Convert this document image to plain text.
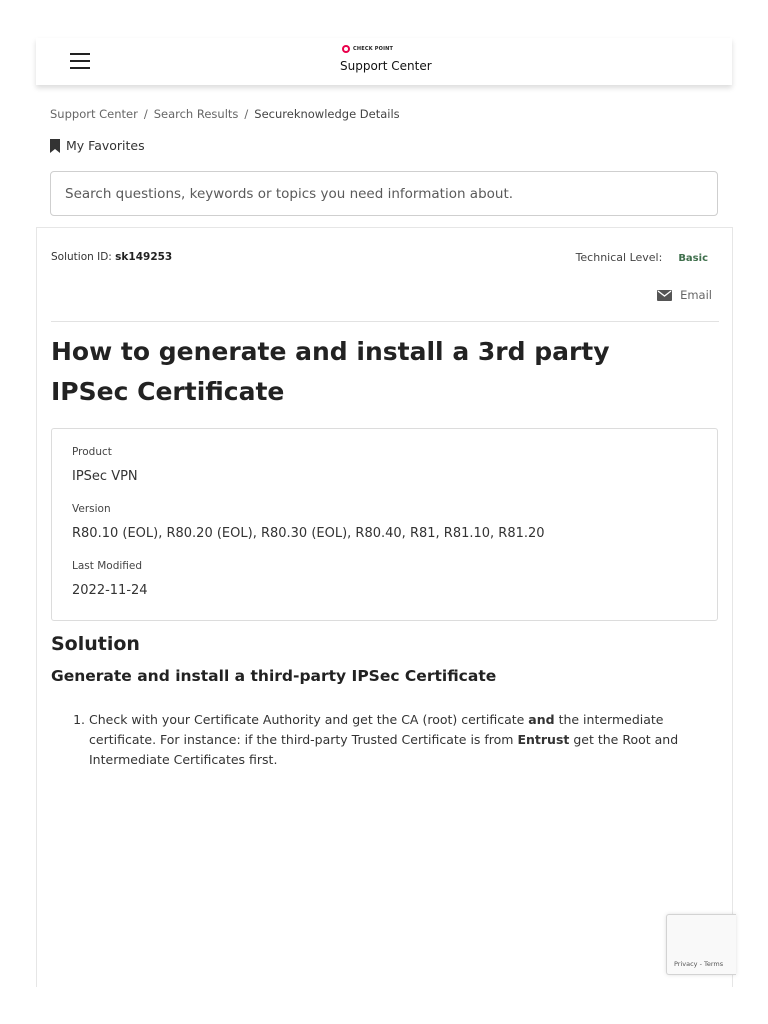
CHECK POINT
Support Center
Support Center / Search Results / Secureknowledge Details
My Favorites
Search questions, keywords or topics you need information about.
Solution ID: sk149253	Technical Level: Basic
Email
How to generate and install a 3rd party IPSec Certificate
Product
IPSec VPN
Version
R80.10 (EOL), R80.20 (EOL), R80.30 (EOL), R80.40, R81, R81.10, R81.20
Last Modified
2022-11-24
Solution
Generate and install a third-party IPSec Certificate
1. Check with your Certificate Authority and get the CA (root) certificate and the intermediate certificate. For instance: if the third-party Trusted Certificate is from Entrust get the Root and Intermediate Certificates first.
Privacy - Terms
